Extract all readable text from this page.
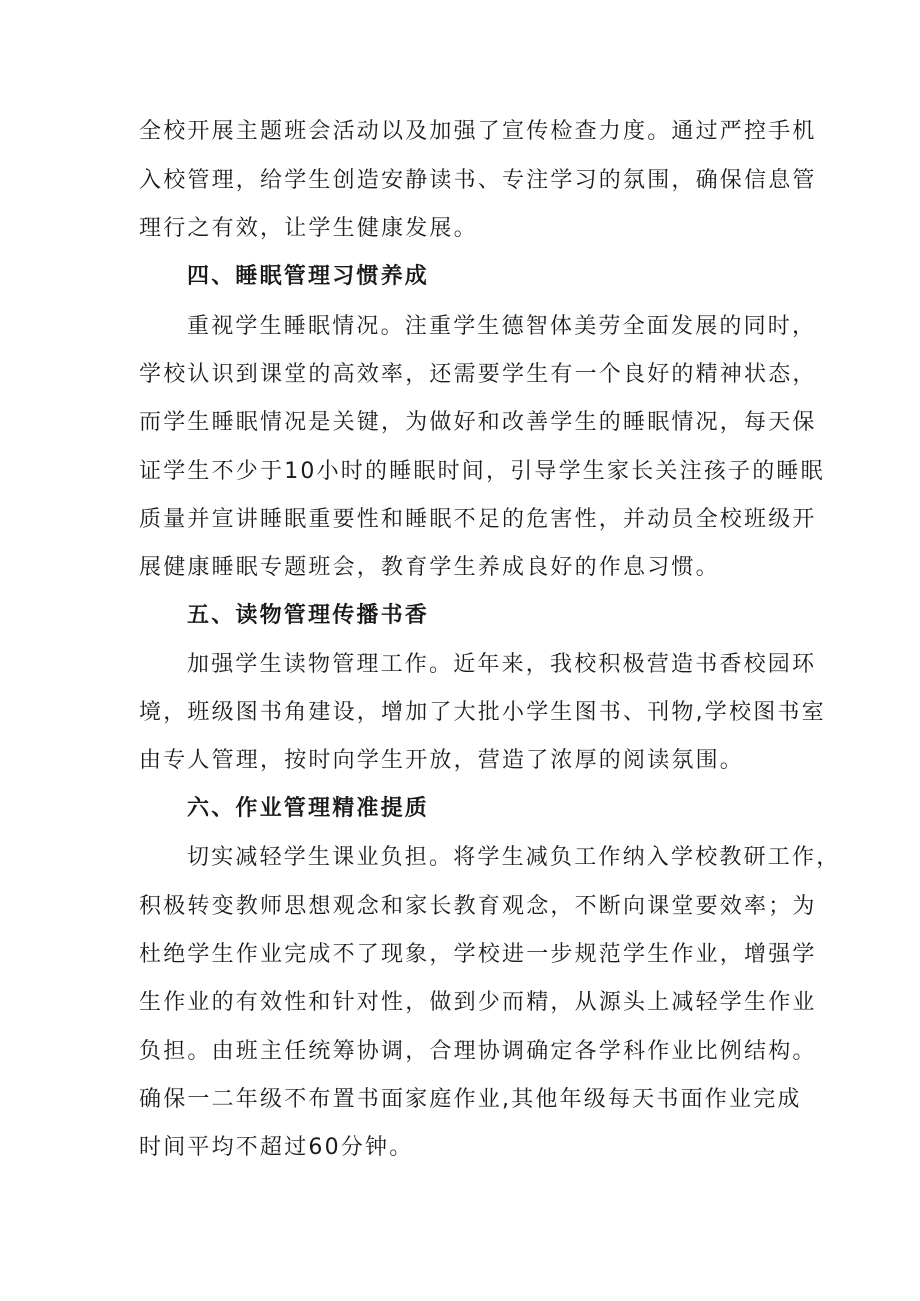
全校开展主题班会活动以及加强了宣传检查力度。通过严控手机
入校管理，给学生创造安静读书、专注学习的氛围，确保信息管
理行之有效，让学生健康发展。
四、睡眠管理习惯养成
重视学生睡眠情况。注重学生德智体美劳全面发展的同时，
学校认识到课堂的高效率，还需要学生有一个良好的精神状态，
而学生睡眠情况是关键，为做好和改善学生的睡眠情况，每天保
证学生不少于10小时的睡眠时间，引导学生家长关注孩子的睡眠
质量并宣讲睡眠重要性和睡眠不足的危害性，并动员全校班级开
展健康睡眠专题班会，教育学生养成良好的作息习惯。
五、读物管理传播书香
加强学生读物管理工作。近年来，我校积极营造书香校园环
境，班级图书角建设，增加了大批小学生图书、刊物,学校图书室
由专人管理，按时向学生开放，营造了浓厚的阅读氛围。
六、作业管理精准提质
切实减轻学生课业负担。将学生减负工作纳入学校教研工作，
积极转变教师思想观念和家长教育观念，不断向课堂要效率；为
杜绝学生作业完成不了现象，学校进一步规范学生作业，增强学
生作业的有效性和针对性，做到少而精，从源头上减轻学生作业
负担。由班主任统筹协调，合理协调确定各学科作业比例结构。
确保一二年级不布置书面家庭作业,其他年级每天书面作业完成
时间平均不超过60分钟。
